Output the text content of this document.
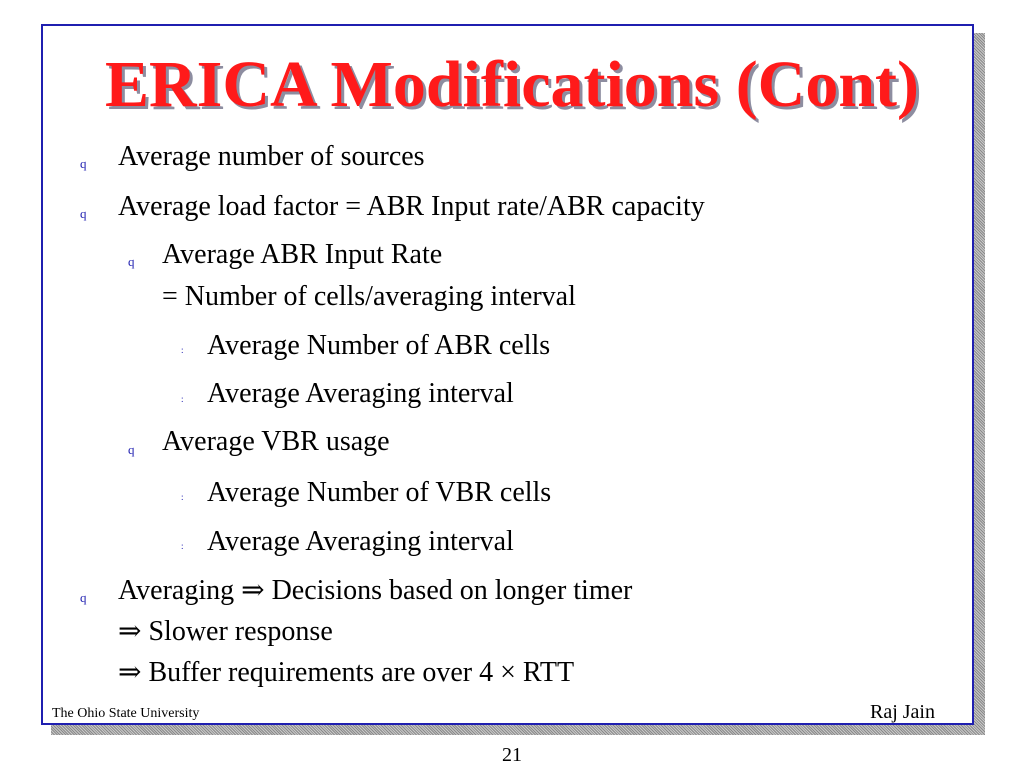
ERICA Modifications (Cont)
q Average number of sources
q Average load factor = ABR Input rate/ABR capacity
q Average ABR Input Rate
= Number of cells/averaging interval
: Average Number of ABR cells
: Average Averaging interval
q Average VBR usage
: Average Number of VBR cells
: Average Averaging interval
q Averaging ⇒ Decisions based on longer timer
⇒ Slower response
⇒ Buffer requirements are over 4 × RTT
The Ohio State University	Raj Jain
21
